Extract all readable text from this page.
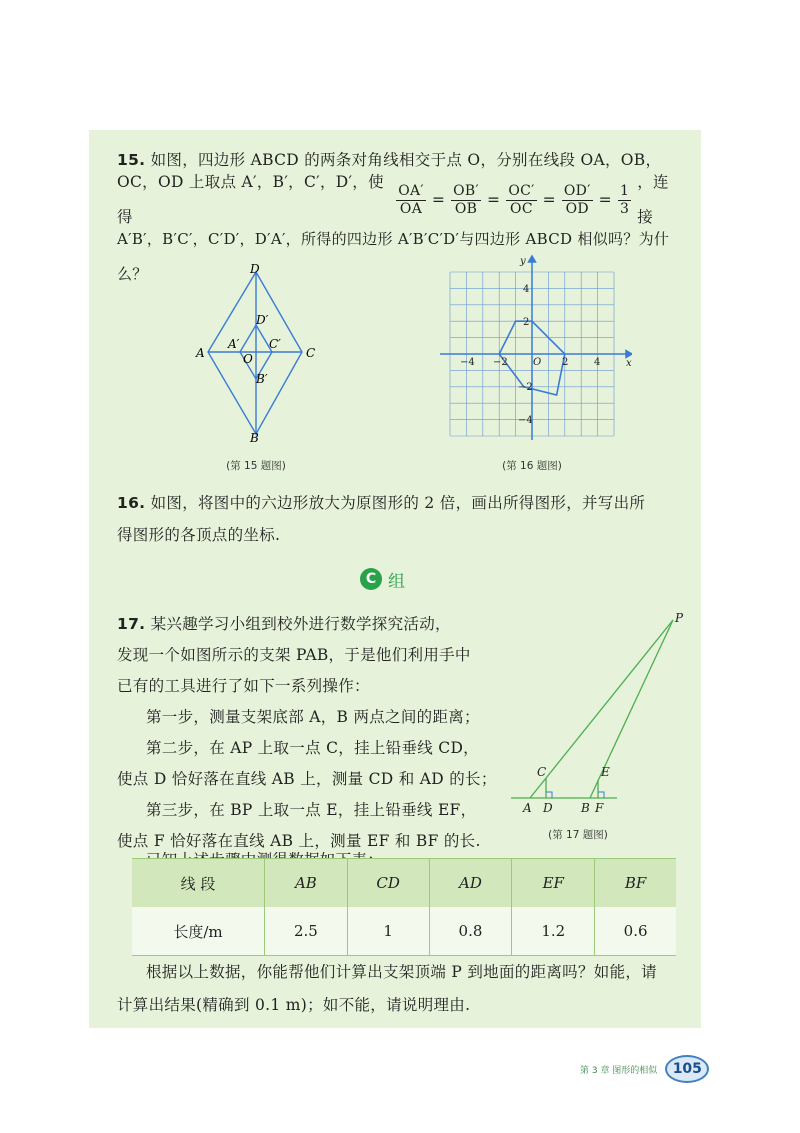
15. 如图，四边形 ABCD 的两条对角线相交于点 O，分别在线段 OA，OB，
OC，OD 上取点 A′，B′，C′，D′，使得	$\frac{OA'}{OA} = \frac{OB'}{OB} = \frac{OC'}{OC} = \frac{OD'}{OD} = \frac{1}{3}$
，连接
A′B′，B′C′，C′D′，D′A′，所得的四边形 A′B′C′D′与四边形 ABCD 相似吗？为什么？	D
A	C
B
O
A′ C′
D′
B′
(第 15 题图)
x
y
O
−4 −2	2	4
4
2
−2
−4
(第 16 题图)
16. 如图，将图中的六边形放大为原图形的 2 倍，画出所得图形，并写出所
得图形的各顶点的坐标.
C 组
17. 某兴趣学习小组到校外进行数学探究活动，
发现一个如图所示的支架 PAB，于是他们利用手中
已有的工具进行了如下一系列操作：
第一步，测量支架底部 A，B 两点之间的距离；
第二步，在 AP 上取一点 C，挂上铅垂线 CD，
使点 D 恰好落在直线 AB 上，测量 CD 和 AD 的长；
第三步，在 BP 上取一点 E，挂上铅垂线 EF，
使点 F 恰好落在直线 AB 上，测量 EF 和 BF 的长.
P
C	E
A D B F
(第 17 题图)
线 段	AB	CD	AD	EF	BF
长度/m	2.5	1	0.8	1.2	0.6
根据以上数据，你能帮他们计算出支架顶端 P 到地面的距离吗？如能，请
计算出结果(精确到 0.1 m)；如不能，请说明理由.
第 3 章 图形的相似	105
